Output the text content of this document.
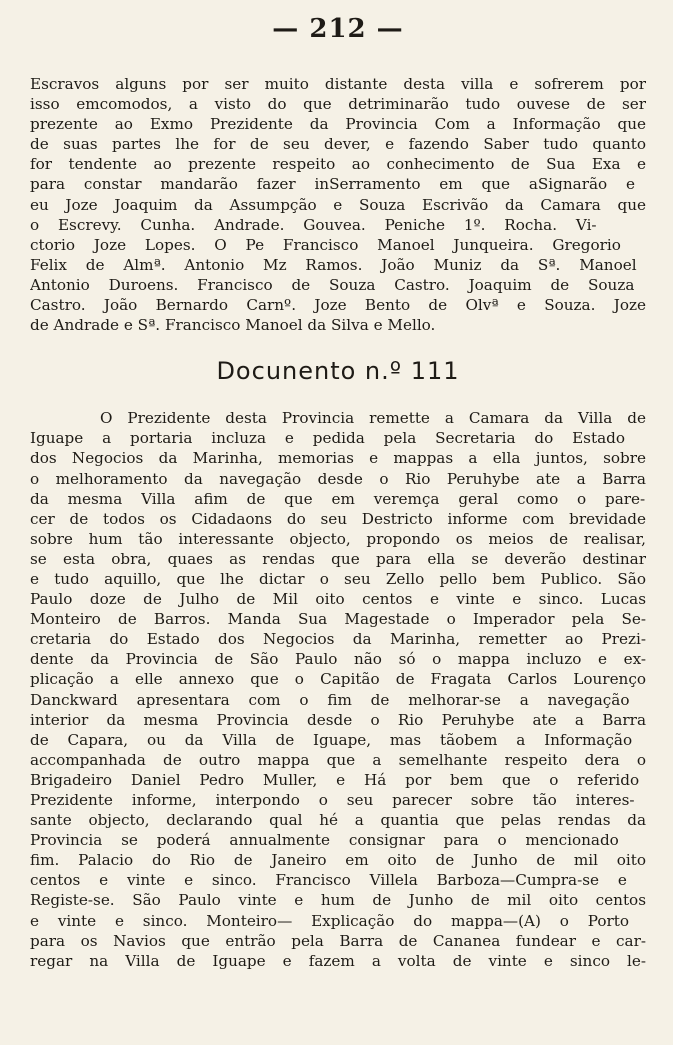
— 212 —
Escravos alguns por ser muito distante desta villa e sofrerem por
isso emcomodos, a visto do que detriminarão tudo ouvese de ser
prezente ao Exmo Prezidente da Provincia Com a Informação que
de suas partes lhe for de seu dever, e fazendo Saber tudo quanto
for tendente ao prezente respeito ao conhecimento de Sua Exa e
para constar mandarão fazer inSerramento em que aSignarão e
eu Joze Joaquim da Assumpção e Souza Escrivão da Camara que
o Escrevy. Cunha. Andrade. Gouvea. Peniche 1º. Rocha. Vi-
ctorio Joze Lopes. O Pe Francisco Manoel Junqueira. Gregorio
Felix de Almª. Antonio Mz Ramos. João Muniz da Sª. Manoel
Antonio Duroens. Francisco de Souza Castro. Joaquim de Souza
Castro. João Bernardo Carnº. Joze Bento de Olvª e Souza. Joze
de Andrade e Sª. Francisco Manoel da Silva e Mello.
Docunento n.º 111
O Prezidente desta Provincia remette a Camara da Villa de
Iguape a portaria incluza e pedida pela Secretaria do Estado
dos Negocios da Marinha, memorias e mappas a ella juntos, sobre
o melhoramento da navegação desde o Rio Peruhybe ate a Barra
da mesma Villa afim de que em veremça geral como o pare-
cer de todos os Cidadaons do seu Destricto informe com brevidade
sobre hum tão interessante objecto, propondo os meios de realisar,
se esta obra, quaes as rendas que para ella se deverão destinar
e tudo aquillo, que lhe dictar o seu Zello pello bem Publico. São
Paulo doze de Julho de Mil oito centos e vinte e sinco. Lucas
Monteiro de Barros. Manda Sua Magestade o Imperador pela Se-
cretaria do Estado dos Negocios da Marinha, remetter ao Prezi-
dente da Provincia de São Paulo não só o mappa incluzo e ex-
plicação a elle annexo que o Capitão de Fragata Carlos Lourenço
Danckward apresentara com o fim de melhorar-se a navegação
interior da mesma Provincia desde o Rio Peruhybe ate a Barra
de Capara, ou da Villa de Iguape, mas tãobem a Informação
accompanhada de outro mappa que a semelhante respeito dera o
Brigadeiro Daniel Pedro Muller, e Há por bem que o referido
Prezidente informe, interpondo o seu parecer sobre tão interes-
sante objecto, declarando qual hé a quantia que pelas rendas da
Provincia se poderá annualmente consignar para o mencionado
fim. Palacio do Rio de Janeiro em oito de Junho de mil oito
centos e vinte e sinco. Francisco Villela Barboza—Cumpra-se e
Registe-se. São Paulo vinte e hum de Junho de mil oito centos
e vinte e sinco. Monteiro— Explicação do mappa—(A) o Porto
para os Navios que entrão pela Barra de Cananea fundear e car-
regar na Villa de Iguape e fazem a volta de vinte e sinco le-
